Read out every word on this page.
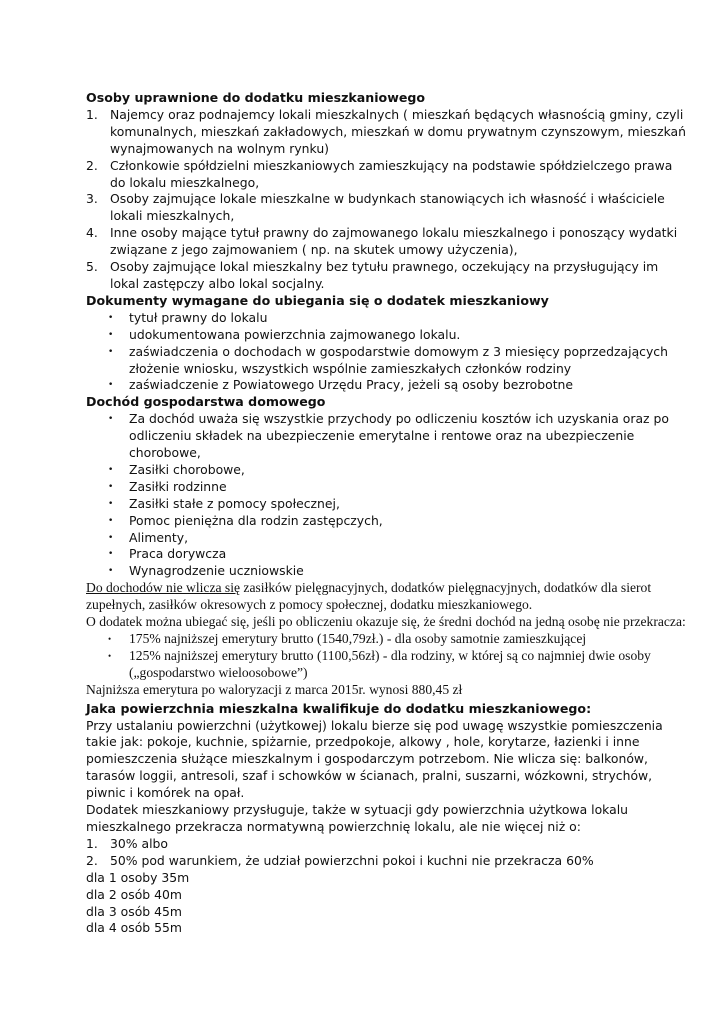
Osoby uprawnione do dodatku mieszkaniowego

1. Najemcy oraz podnajemcy lokali mieszkalnych ( mieszkań będących własnością gminy, czyli komunalnych, mieszkań zakładowych, mieszkań w domu prywatnym czynszowym, mieszkań wynajmowanych na wolnym rynku)
2. Członkowie spółdzielni mieszkaniowych zamieszkujący na podstawie spółdzielczego prawa do lokalu mieszkalnego,
3. Osoby zajmujące lokale mieszkalne w budynkach stanowiących ich własność i właściciele lokali mieszkalnych,
4. Inne osoby mające tytuł prawny do zajmowanego lokalu mieszkalnego i ponoszący wydatki związane z jego zajmowaniem ( np. na skutek umowy użyczenia),
5. Osoby zajmujące lokal mieszkalny bez tytułu prawnego, oczekujący na przysługujący im lokal zastępczy albo lokal socjalny.

Dokumenty wymagane do ubiegania się o dodatek mieszkaniowy

• tytuł prawny do lokalu
• udokumentowana powierzchnia zajmowanego lokalu.
• zaświadczenia o dochodach w gospodarstwie domowym z 3 miesięcy poprzedzających złożenie wniosku, wszystkich wspólnie zamieszkałych członków rodziny
• zaświadczenie z Powiatowego Urzędu Pracy, jeżeli są osoby bezrobotne

Dochód gospodarstwa domowego

• Za dochód uważa się wszystkie przychody po odliczeniu kosztów ich uzyskania oraz po odliczeniu składek na ubezpieczenie emerytalne i rentowe oraz na ubezpieczenie chorobowe,
• Zasiłki chorobowe,
• Zasiłki rodzinne
• Zasiłki stałe z pomocy społecznej,
• Pomoc pieniężna dla rodzin zastępczych,
• Alimenty,
• Praca dorywcza
• Wynagrodzenie uczniowskie

Do dochodów nie wlicza się zasiłków pielęgnacyjnych, dodatków pielęgnacyjnych, dodatków dla sierot zupełnych, zasiłków okresowych z pomocy społecznej, dodatku mieszkaniowego.

O dodatek można ubiegać się, jeśli po obliczeniu okazuje się, że średni dochód na jedną osobę nie przekracza:

• 175% najniższej emerytury brutto (1540,79zł.) - dla osoby samotnie zamieszkującej
• 125% najniższej emerytury brutto (1100,56zł) - dla rodziny, w której są co najmniej dwie osoby („gospodarstwo wieloosobowe”)

Najniższa emerytura po waloryzacji z marca 2015r. wynosi 880,45 zł

Jaka powierzchnia mieszkalna kwalifikuje do dodatku mieszkaniowego:

Przy ustalaniu powierzchni (użytkowej) lokalu bierze się pod uwagę wszystkie pomieszczenia takie jak: pokoje, kuchnie, spiżarnie, przedpokoje, alkowy , hole, korytarze, łazienki i inne pomieszczenia służące mieszkalnym i gospodarczym potrzebom. Nie wlicza się: balkonów, tarasów loggii, antresoli, szaf i schowków w ścianach, pralni, suszarni, wózkowni, strychów, piwnic i komórek na opał.

Dodatek mieszkaniowy przysługuje, także w sytuacji gdy powierzchnia użytkowa lokalu mieszkalnego przekracza normatywną powierzchnię lokalu, ale nie więcej niż o:

1. 30% albo
2. 50% pod warunkiem, że udział powierzchni pokoi i kuchni nie przekracza 60%

dla 1 osoby 35m

dla 2 osób 40m

dla 3 osób 45m

dla 4 osób 55m
